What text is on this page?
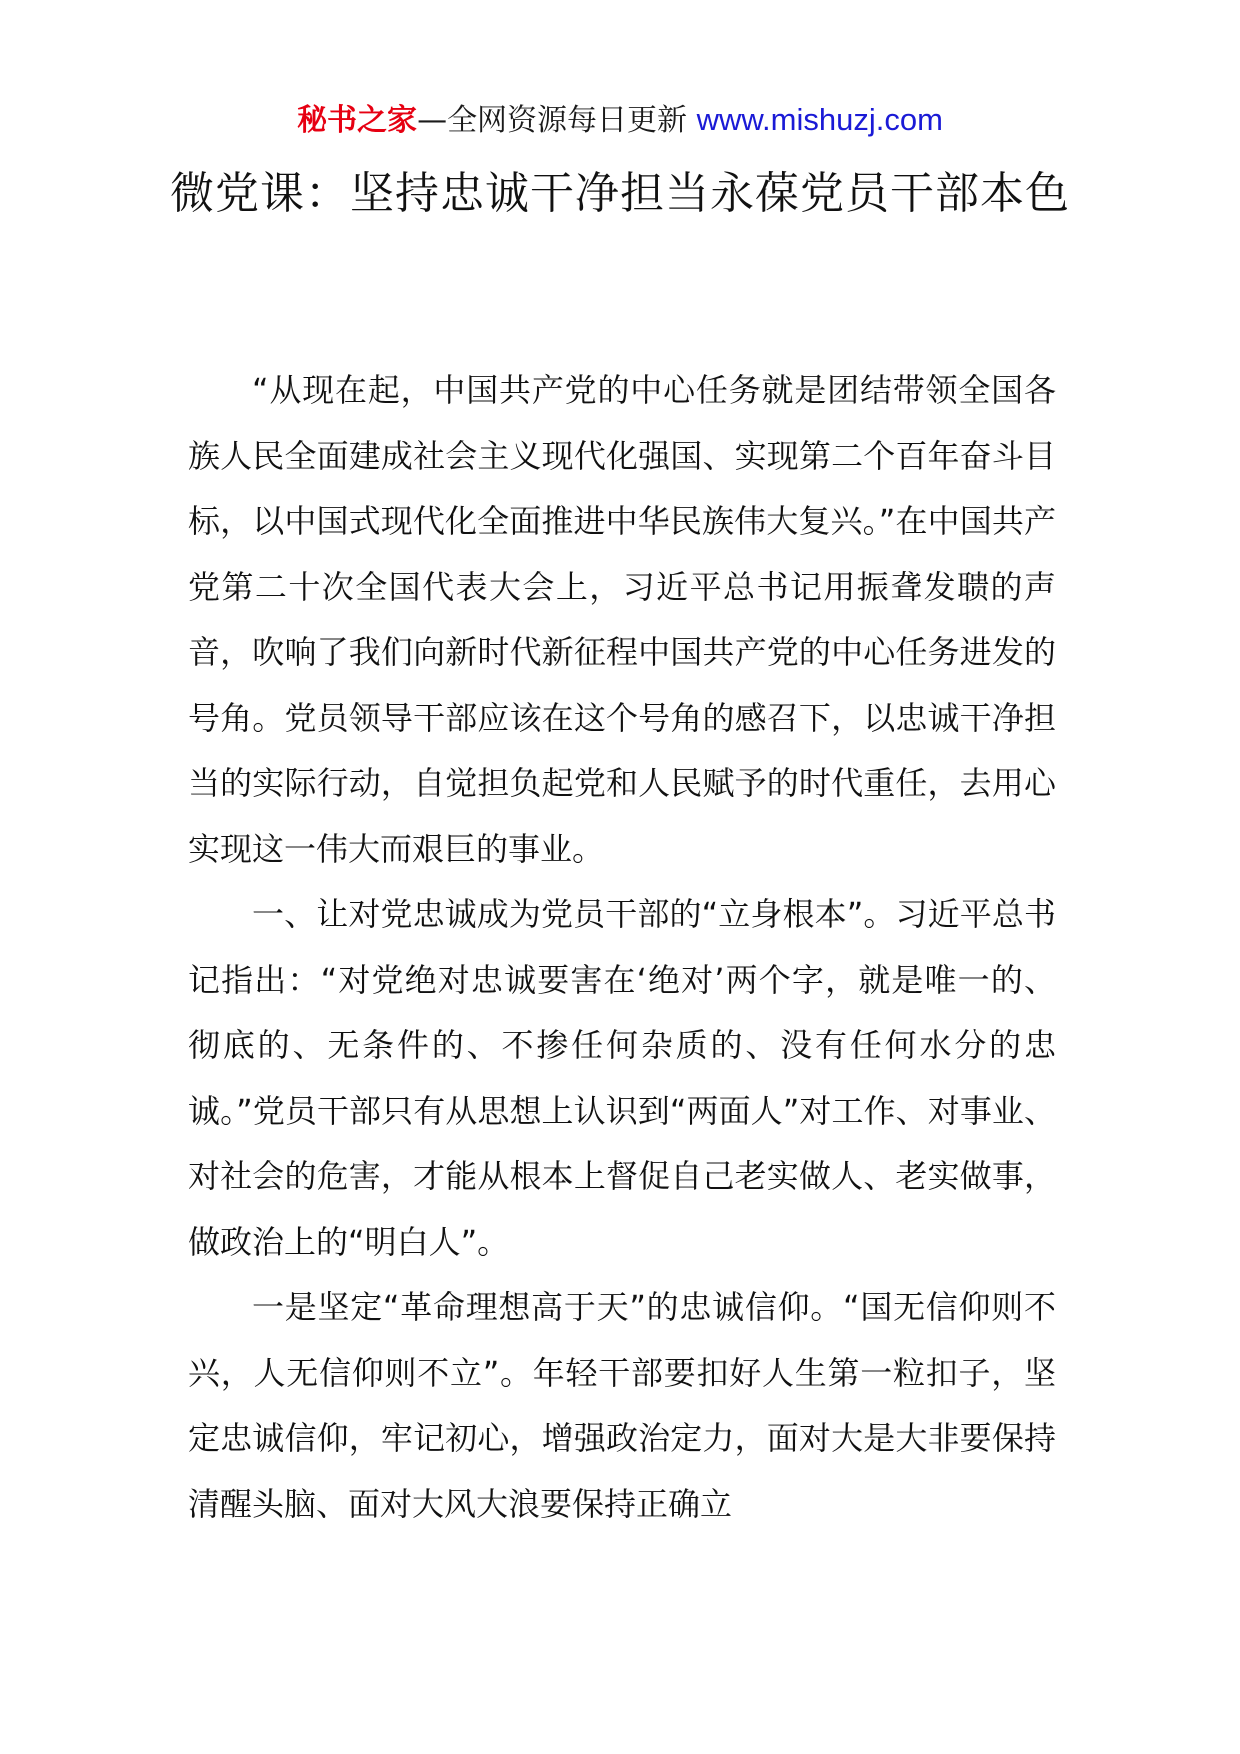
秘书之家—全网资源每日更新 www.mishuzj.com
微党课：坚持忠诚干净担当永葆党员干部本色

“从现在起，中国共产党的中心任务就是团结带领全国各族人民全面建成社会主义现代化强国、实现第二个百年奋斗目标，以中国式现代化全面推进中华民族伟大复兴。”在中国共产党第二十次全国代表大会上，习近平总书记用振聋发聩的声音，吹响了我们向新时代新征程中国共产党的中心任务进发的号角。党员领导干部应该在这个号角的感召下，以忠诚干净担当的实际行动，自觉担负起党和人民赋予的时代重任，去用心实现这一伟大而艰巨的事业。

一、让对党忠诚成为党员干部的“立身根本”。习近平总书记指出：“对党绝对忠诚要害在‘绝对’两个字，就是唯一的、彻底的、无条件的、不掺任何杂质的、没有任何水分的忠诚。”党员干部只有从思想上认识到“两面人”对工作、对事业、对社会的危害，才能从根本上督促自己老实做人、老实做事，做政治上的“明白人”。

一是坚定“革命理想高于天”的忠诚信仰。“国无信仰则不兴，人无信仰则不立”。年轻干部要扣好人生第一粒扣子，坚定忠诚信仰，牢记初心，增强政治定力，面对大是大非要保持清醒头脑、面对大风大浪要保持正确立
